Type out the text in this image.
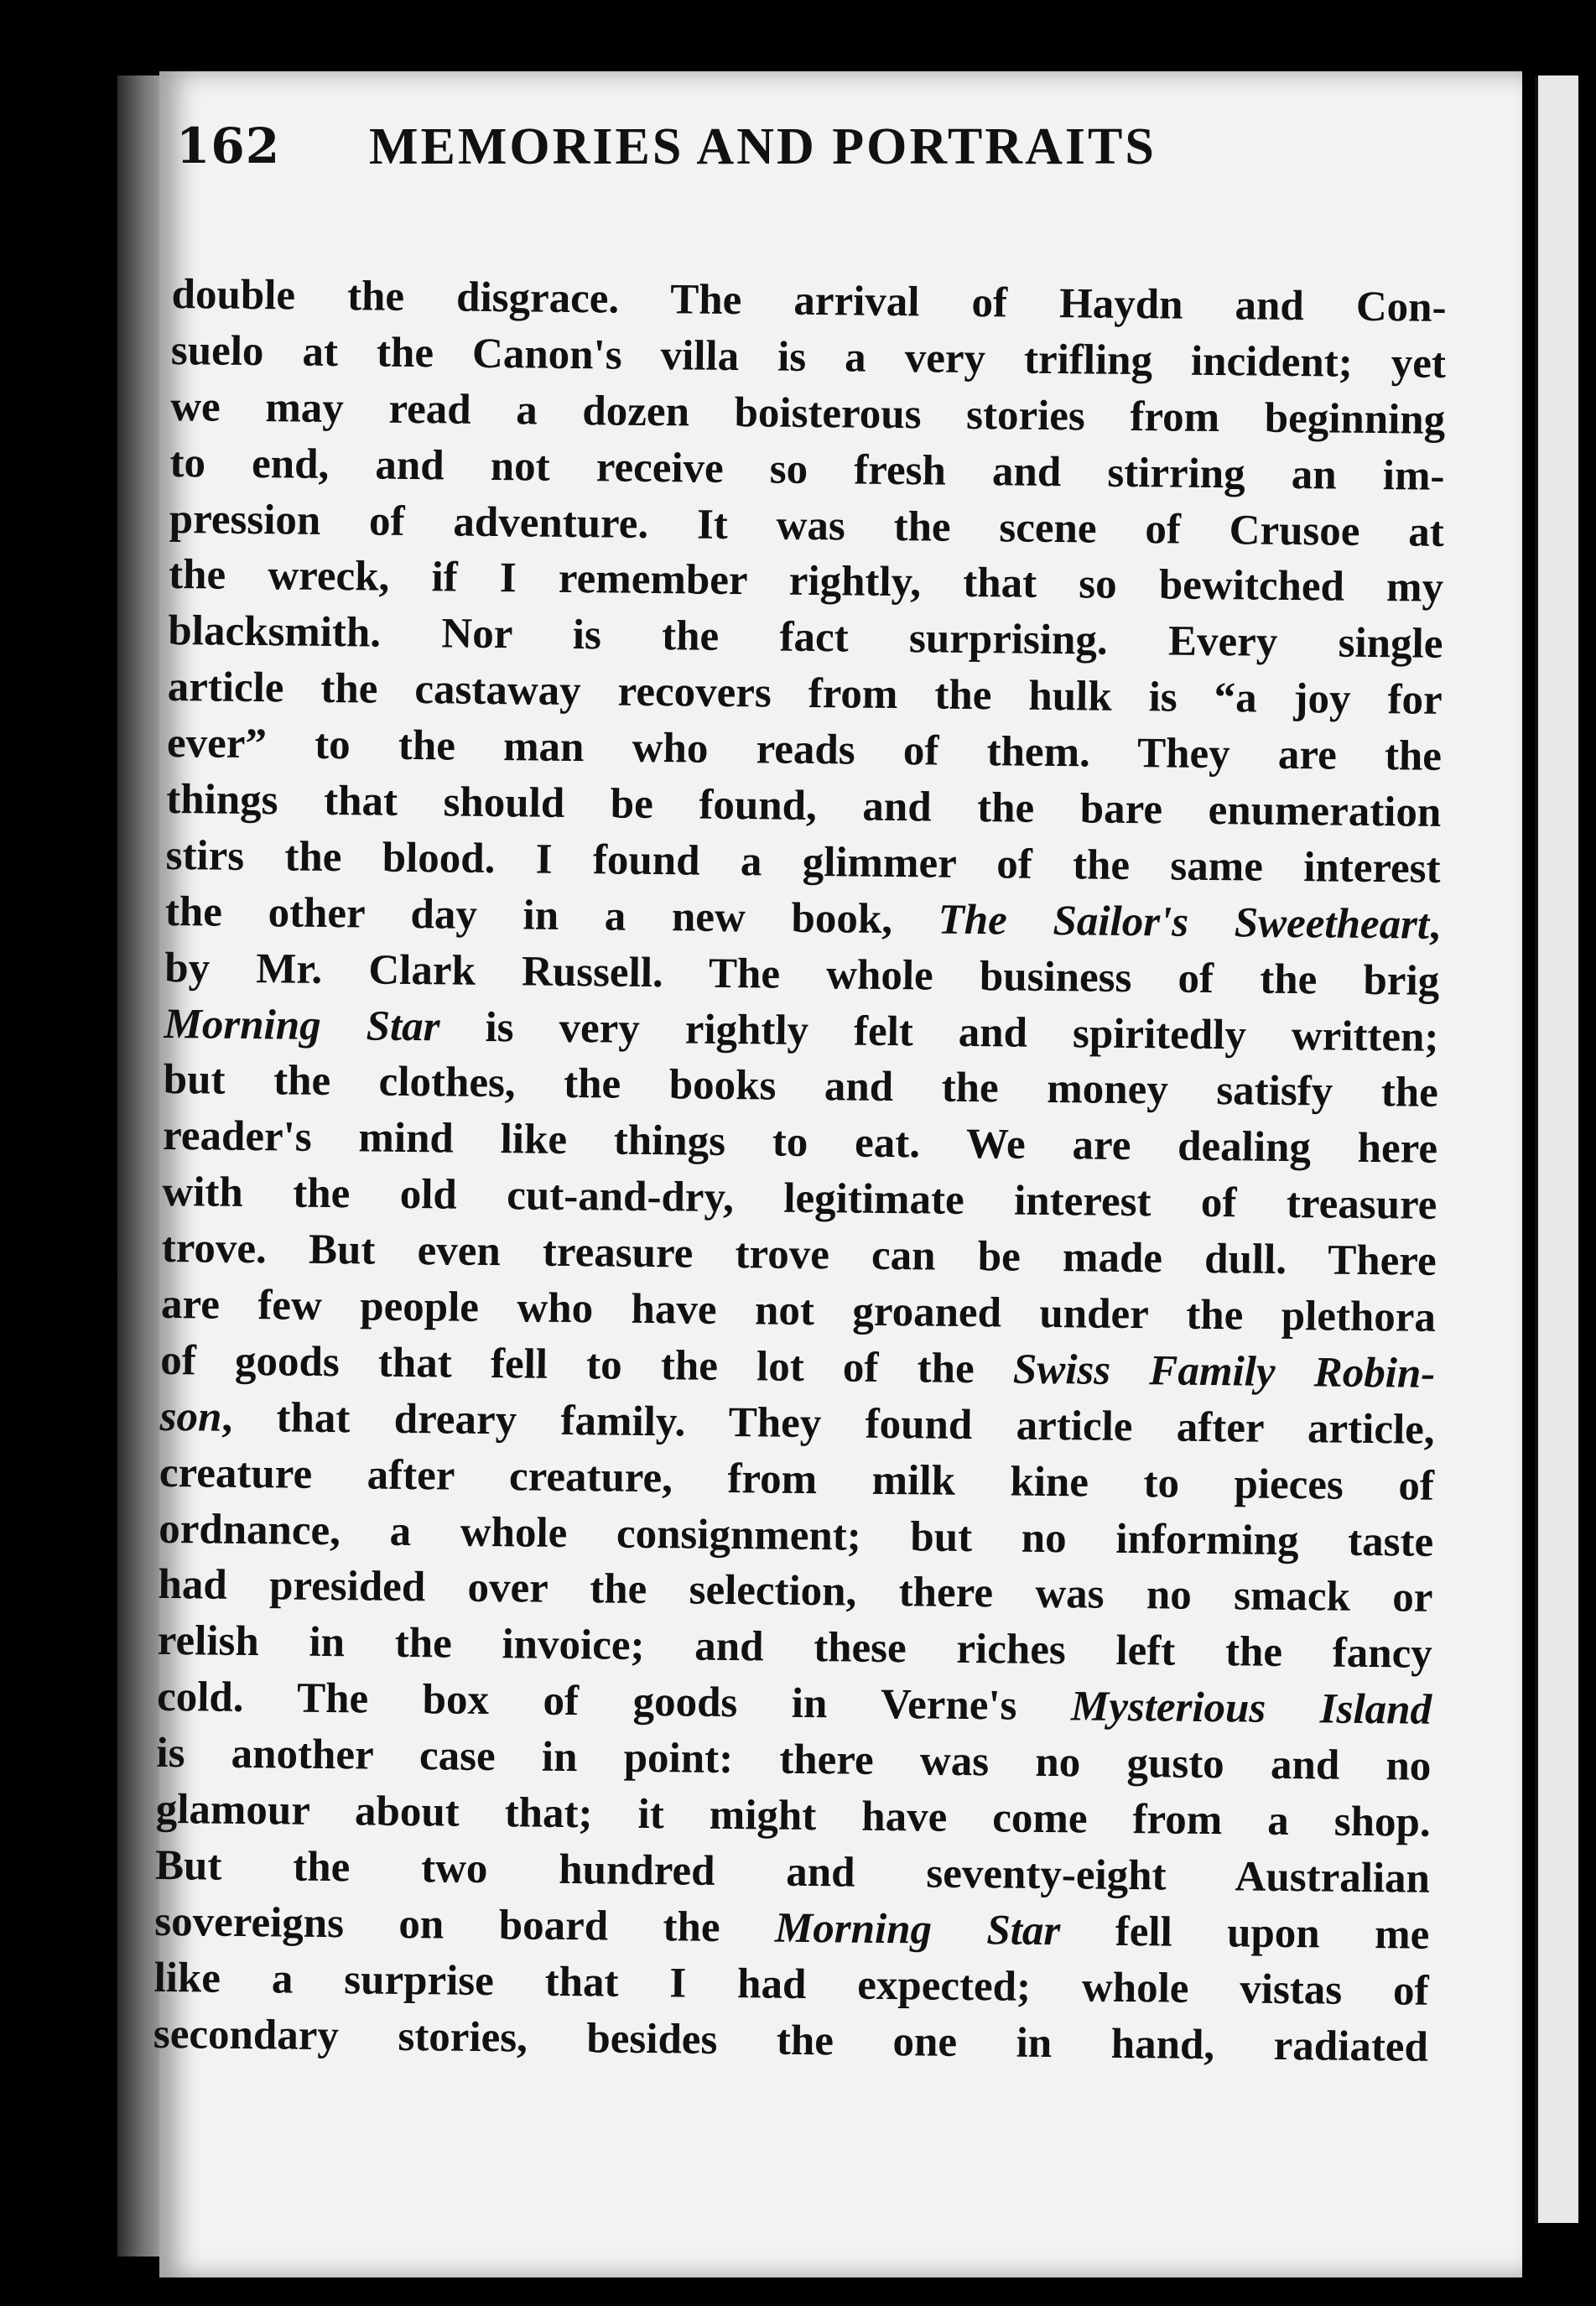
162 MEMORIES AND PORTRAITS
double the disgrace. The arrival of Haydn and Con-
suelo at the Canon's villa is a very trifling incident; yet
we may read a dozen boisterous stories from beginning
to end, and not receive so fresh and stirring an im-
pression of adventure. It was the scene of Crusoe at
the wreck, if I remember rightly, that so bewitched my
blacksmith. Nor is the fact surprising. Every single
article the castaway recovers from the hulk is “a joy for
ever” to the man who reads of them. They are the
things that should be found, and the bare enumeration
stirs the blood. I found a glimmer of the same interest
the other day in a new book, The Sailor's Sweetheart,
by Mr. Clark Russell. The whole business of the brig
Morning Star is very rightly felt and spiritedly written;
but the clothes, the books and the money satisfy the
reader's mind like things to eat. We are dealing here
with the old cut-and-dry, legitimate interest of treasure
trove. But even treasure trove can be made dull. There
are few people who have not groaned under the plethora
of goods that fell to the lot of the Swiss Family Robin-
son, that dreary family. They found article after article,
creature after creature, from milk kine to pieces of
ordnance, a whole consignment; but no informing taste
had presided over the selection, there was no smack or
relish in the invoice; and these riches left the fancy
cold. The box of goods in Verne's Mysterious Island
is another case in point: there was no gusto and no
glamour about that; it might have come from a shop.
But the two hundred and seventy-eight Australian
sovereigns on board the Morning Star fell upon me
like a surprise that I had expected; whole vistas of
secondary stories, besides the one in hand, radiated
